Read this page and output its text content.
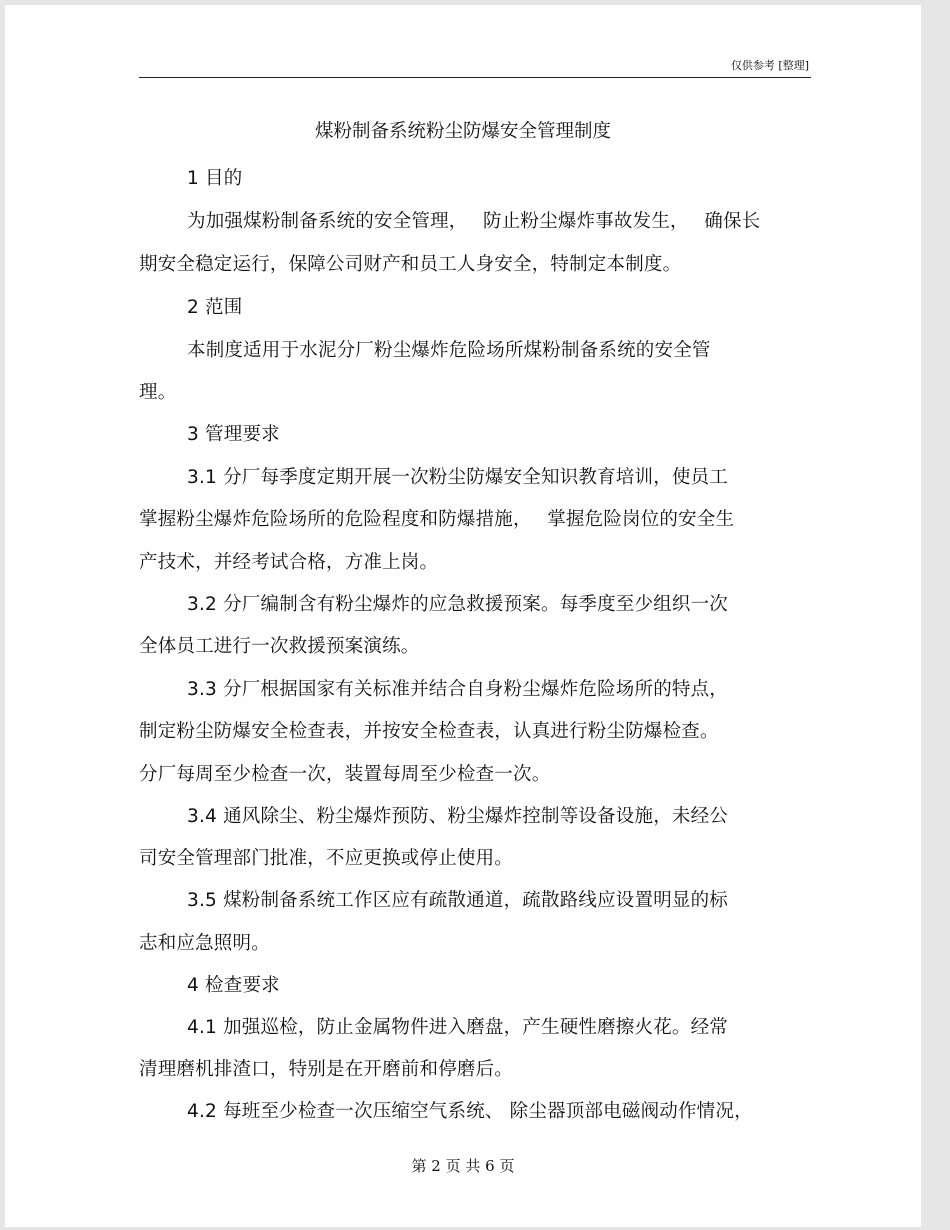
仅供参考 [整理]
煤粉制备系统粉尘防爆安全管理制度
1 目的
为加强煤粉制备系统的安全管理，　 防止粉尘爆炸事故发生，　 确保长
期安全稳定运行，保障公司财产和员工人身安全，特制定本制度。
2 范围
本制度适用于水泥分厂粉尘爆炸危险场所煤粉制备系统的安全管
理。
3 管理要求
3.1 分厂每季度定期开展一次粉尘防爆安全知识教育培训，使员工
掌握粉尘爆炸危险场所的危险程度和防爆措施，　 掌握危险岗位的安全生
产技术，并经考试合格，方准上岗。
3.2 分厂编制含有粉尘爆炸的应急救援预案。每季度至少组织一次
全体员工进行一次救援预案演练。
3.3 分厂根据国家有关标准并结合自身粉尘爆炸危险场所的特点，
制定粉尘防爆安全检查表，并按安全检查表，认真进行粉尘防爆检查。
分厂每周至少检查一次，装置每周至少检查一次。
3.4 通风除尘、粉尘爆炸预防、粉尘爆炸控制等设备设施，未经公
司安全管理部门批准，不应更换或停止使用。
3.5 煤粉制备系统工作区应有疏散通道，疏散路线应设置明显的标
志和应急照明。
4 检查要求
4.1 加强巡检，防止金属物件进入磨盘，产生硬性磨擦火花。经常
清理磨机排渣口，特别是在开磨前和停磨后。
4.2 每班至少检查一次压缩空气系统、 除尘器顶部电磁阀动作情况，
第 2 页 共 6 页
